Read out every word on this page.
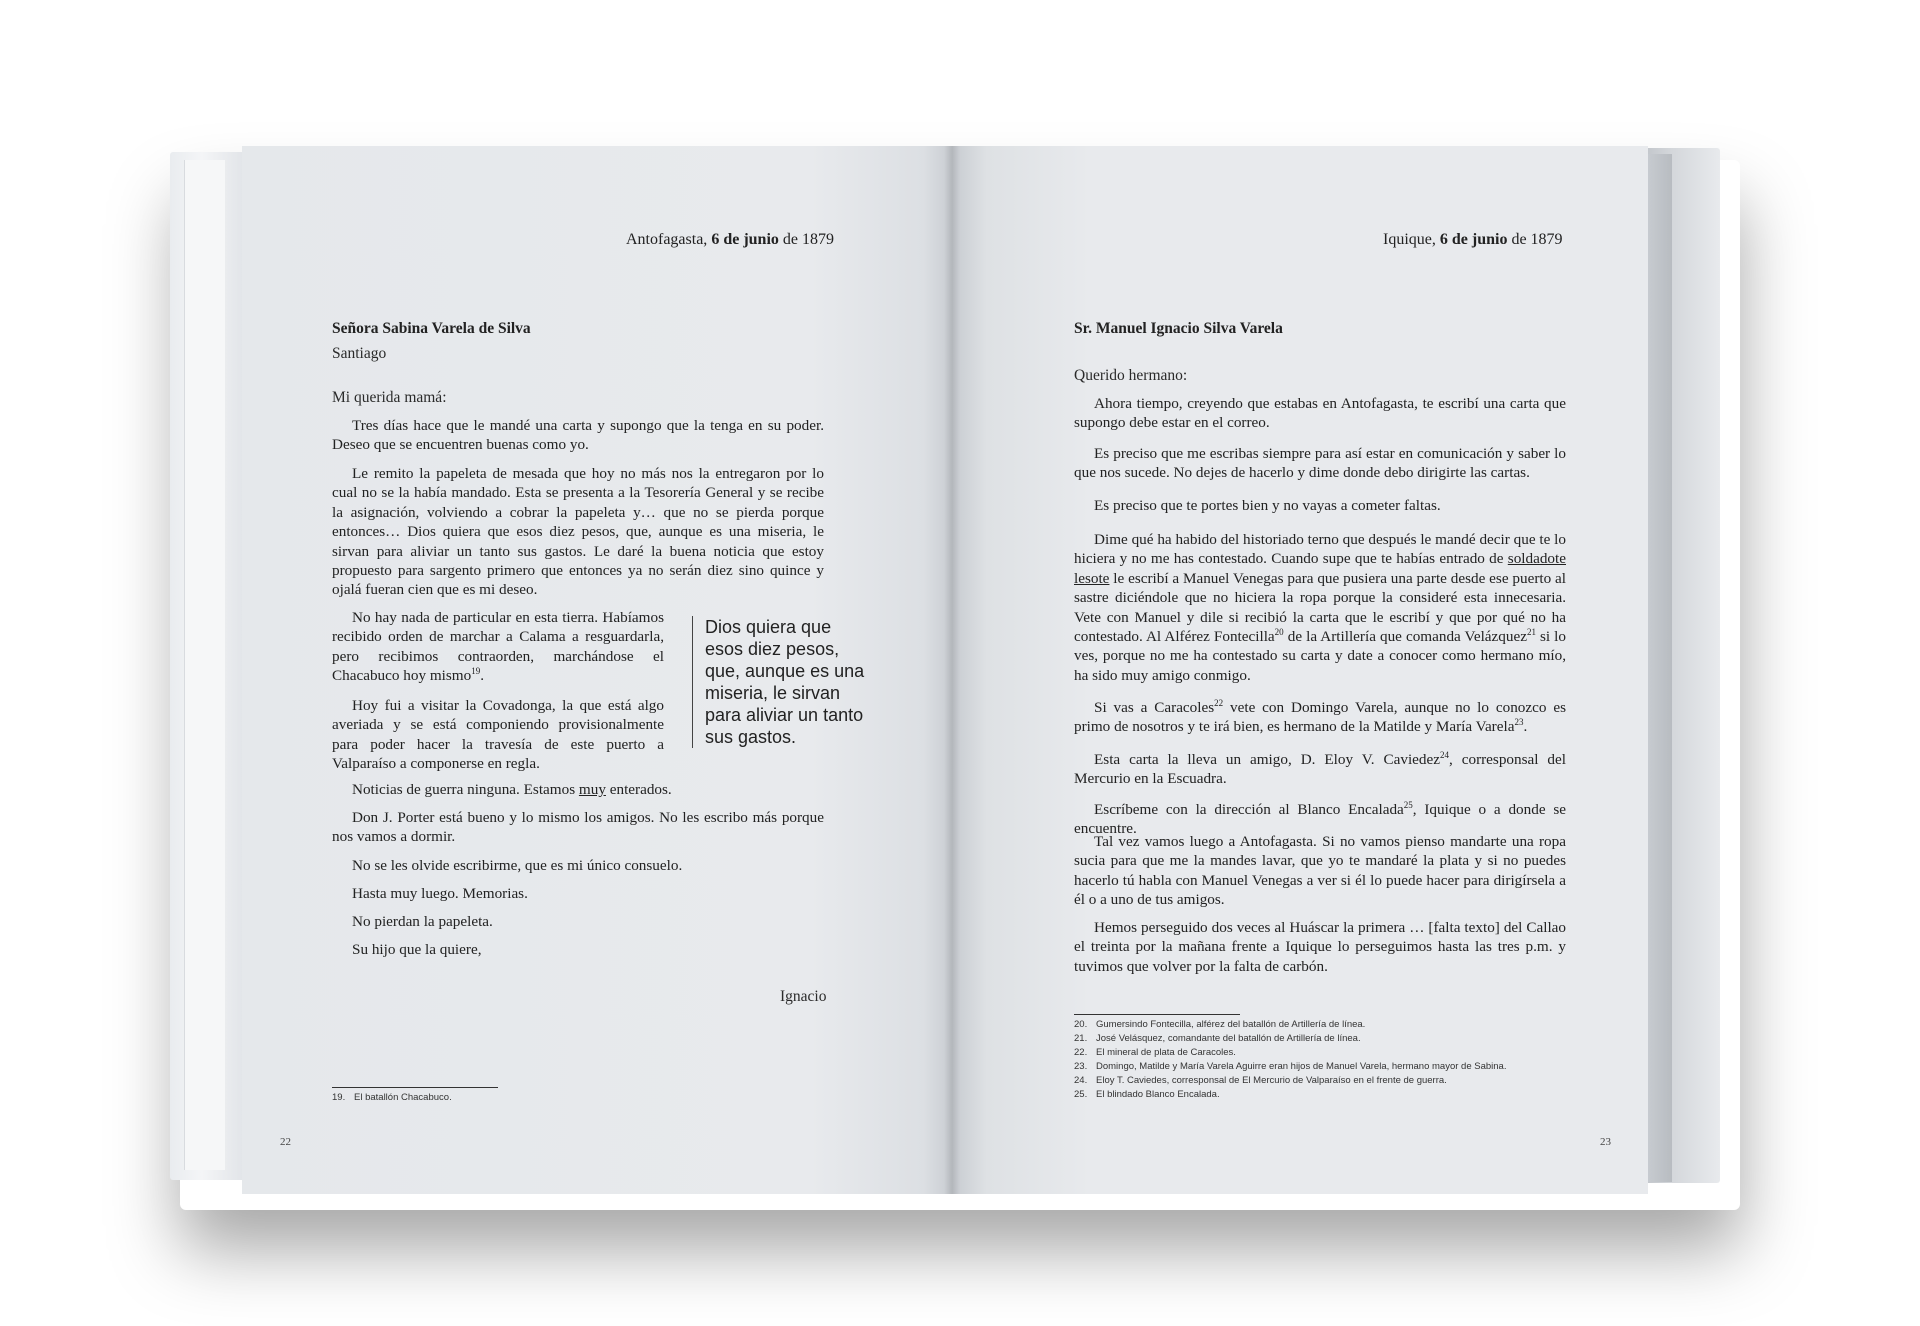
Antofagasta, 6 de junio de 1879
Señora Sabina Varela de Silva
Santiago
Mi querida mamá:
Tres días hace que le mandé una carta y supongo que la tenga en su poder. Deseo que se encuentren buenas como yo.
Le remito la papeleta de mesada que hoy no más nos la entregaron por lo cual no se la había mandado. Esta se presenta a la Tesorería General y se recibe la asignación, volviendo a cobrar la papeleta y… que no se pierda porque entonces… Dios quiera que esos diez pesos, que, aunque es una miseria, le sirvan para aliviar un tanto sus gastos. Le daré la buena noticia que estoy propuesto para sargento primero que entonces ya no serán diez sino quince y ojalá fueran cien que es mi deseo.
No hay nada de particular en esta tierra. Habíamos recibido orden de marchar a Calama a resguardarla, pero recibimos contraorden, marchándose el Chacabuco hoy mismo$^{19}$.
Hoy fui a visitar la Covadonga, la que está algo averiada y se está componiendo provisionalmente para poder hacer la travesía de este puerto a Valparaíso a componerse en regla.
Noticias de guerra ninguna. Estamos muy enterados.
Don J. Porter está bueno y lo mismo los amigos. No les escribo más porque nos vamos a dormir.
No se les olvide escribirme, que es mi único consuelo.
Hasta muy luego. Memorias.
No pierdan la papeleta.
Su hijo que la quiere,
Ignacio
Dios quiera que esos diez pesos, que, aunque es una miseria, le sirvan para aliviar un tanto sus gastos.
19. El batallón Chacabuco.
22
Iquique, 6 de junio de 1879
Sr. Manuel Ignacio Silva Varela
Querido hermano:
Ahora tiempo, creyendo que estabas en Antofagasta, te escribí una carta que supongo debe estar en el correo.
Es preciso que me escribas siempre para así estar en comunicación y saber lo que nos sucede. No dejes de hacerlo y dime donde debo dirigirte las cartas.
Es preciso que te portes bien y no vayas a cometer faltas.
Dime qué ha habido del historiado terno que después le mandé decir que te lo hiciera y no me has contestado. Cuando supe que te habías entrado de soldadote lesote le escribí a Manuel Venegas para que pusiera una parte desde ese puerto al sastre diciéndole que no hiciera la ropa porque la consideré esta innecesaria. Vete con Manuel y dile si recibió la carta que le escribí y que por qué no ha contestado. Al Alférez Fontecilla$^{20}$ de la Artillería que comanda Velázquez$^{21}$ si lo ves, porque no me ha contestado su carta y date a conocer como hermano mío, ha sido muy amigo conmigo.
Si vas a Caracoles$^{22}$ vete con Domingo Varela, aunque no lo conozco es primo de nosotros y te irá bien, es hermano de la Matilde y María Varela$^{23}$.
Esta carta la lleva un amigo, D. Eloy V. Caviedez$^{24}$, corresponsal del Mercurio en la Escuadra.
Escríbeme con la dirección al Blanco Encalada$^{25}$, Iquique o a donde se encuentre.
Tal vez vamos luego a Antofagasta. Si no vamos pienso mandarte una ropa sucia para que me la mandes lavar, que yo te mandaré la plata y si no puedes hacerlo tú habla con Manuel Venegas a ver si él lo puede hacer para dirigírsela a él o a uno de tus amigos.
Hemos perseguido dos veces al Huáscar la primera … [falta texto] del Callao el treinta por la mañana frente a Iquique lo perseguimos hasta las tres p.m. y tuvimos que volver por la falta de carbón.
20. Gumersindo Fontecilla, alférez del batallón de Artillería de línea.
21. José Velásquez, comandante del batallón de Artillería de línea.
22. El mineral de plata de Caracoles.
23. Domingo, Matilde y María Varela Aguirre eran hijos de Manuel Varela, hermano mayor de Sabina.
24. Eloy T. Caviedes, corresponsal de El Mercurio de Valparaíso en el frente de guerra.
25. El blindado Blanco Encalada.
23
